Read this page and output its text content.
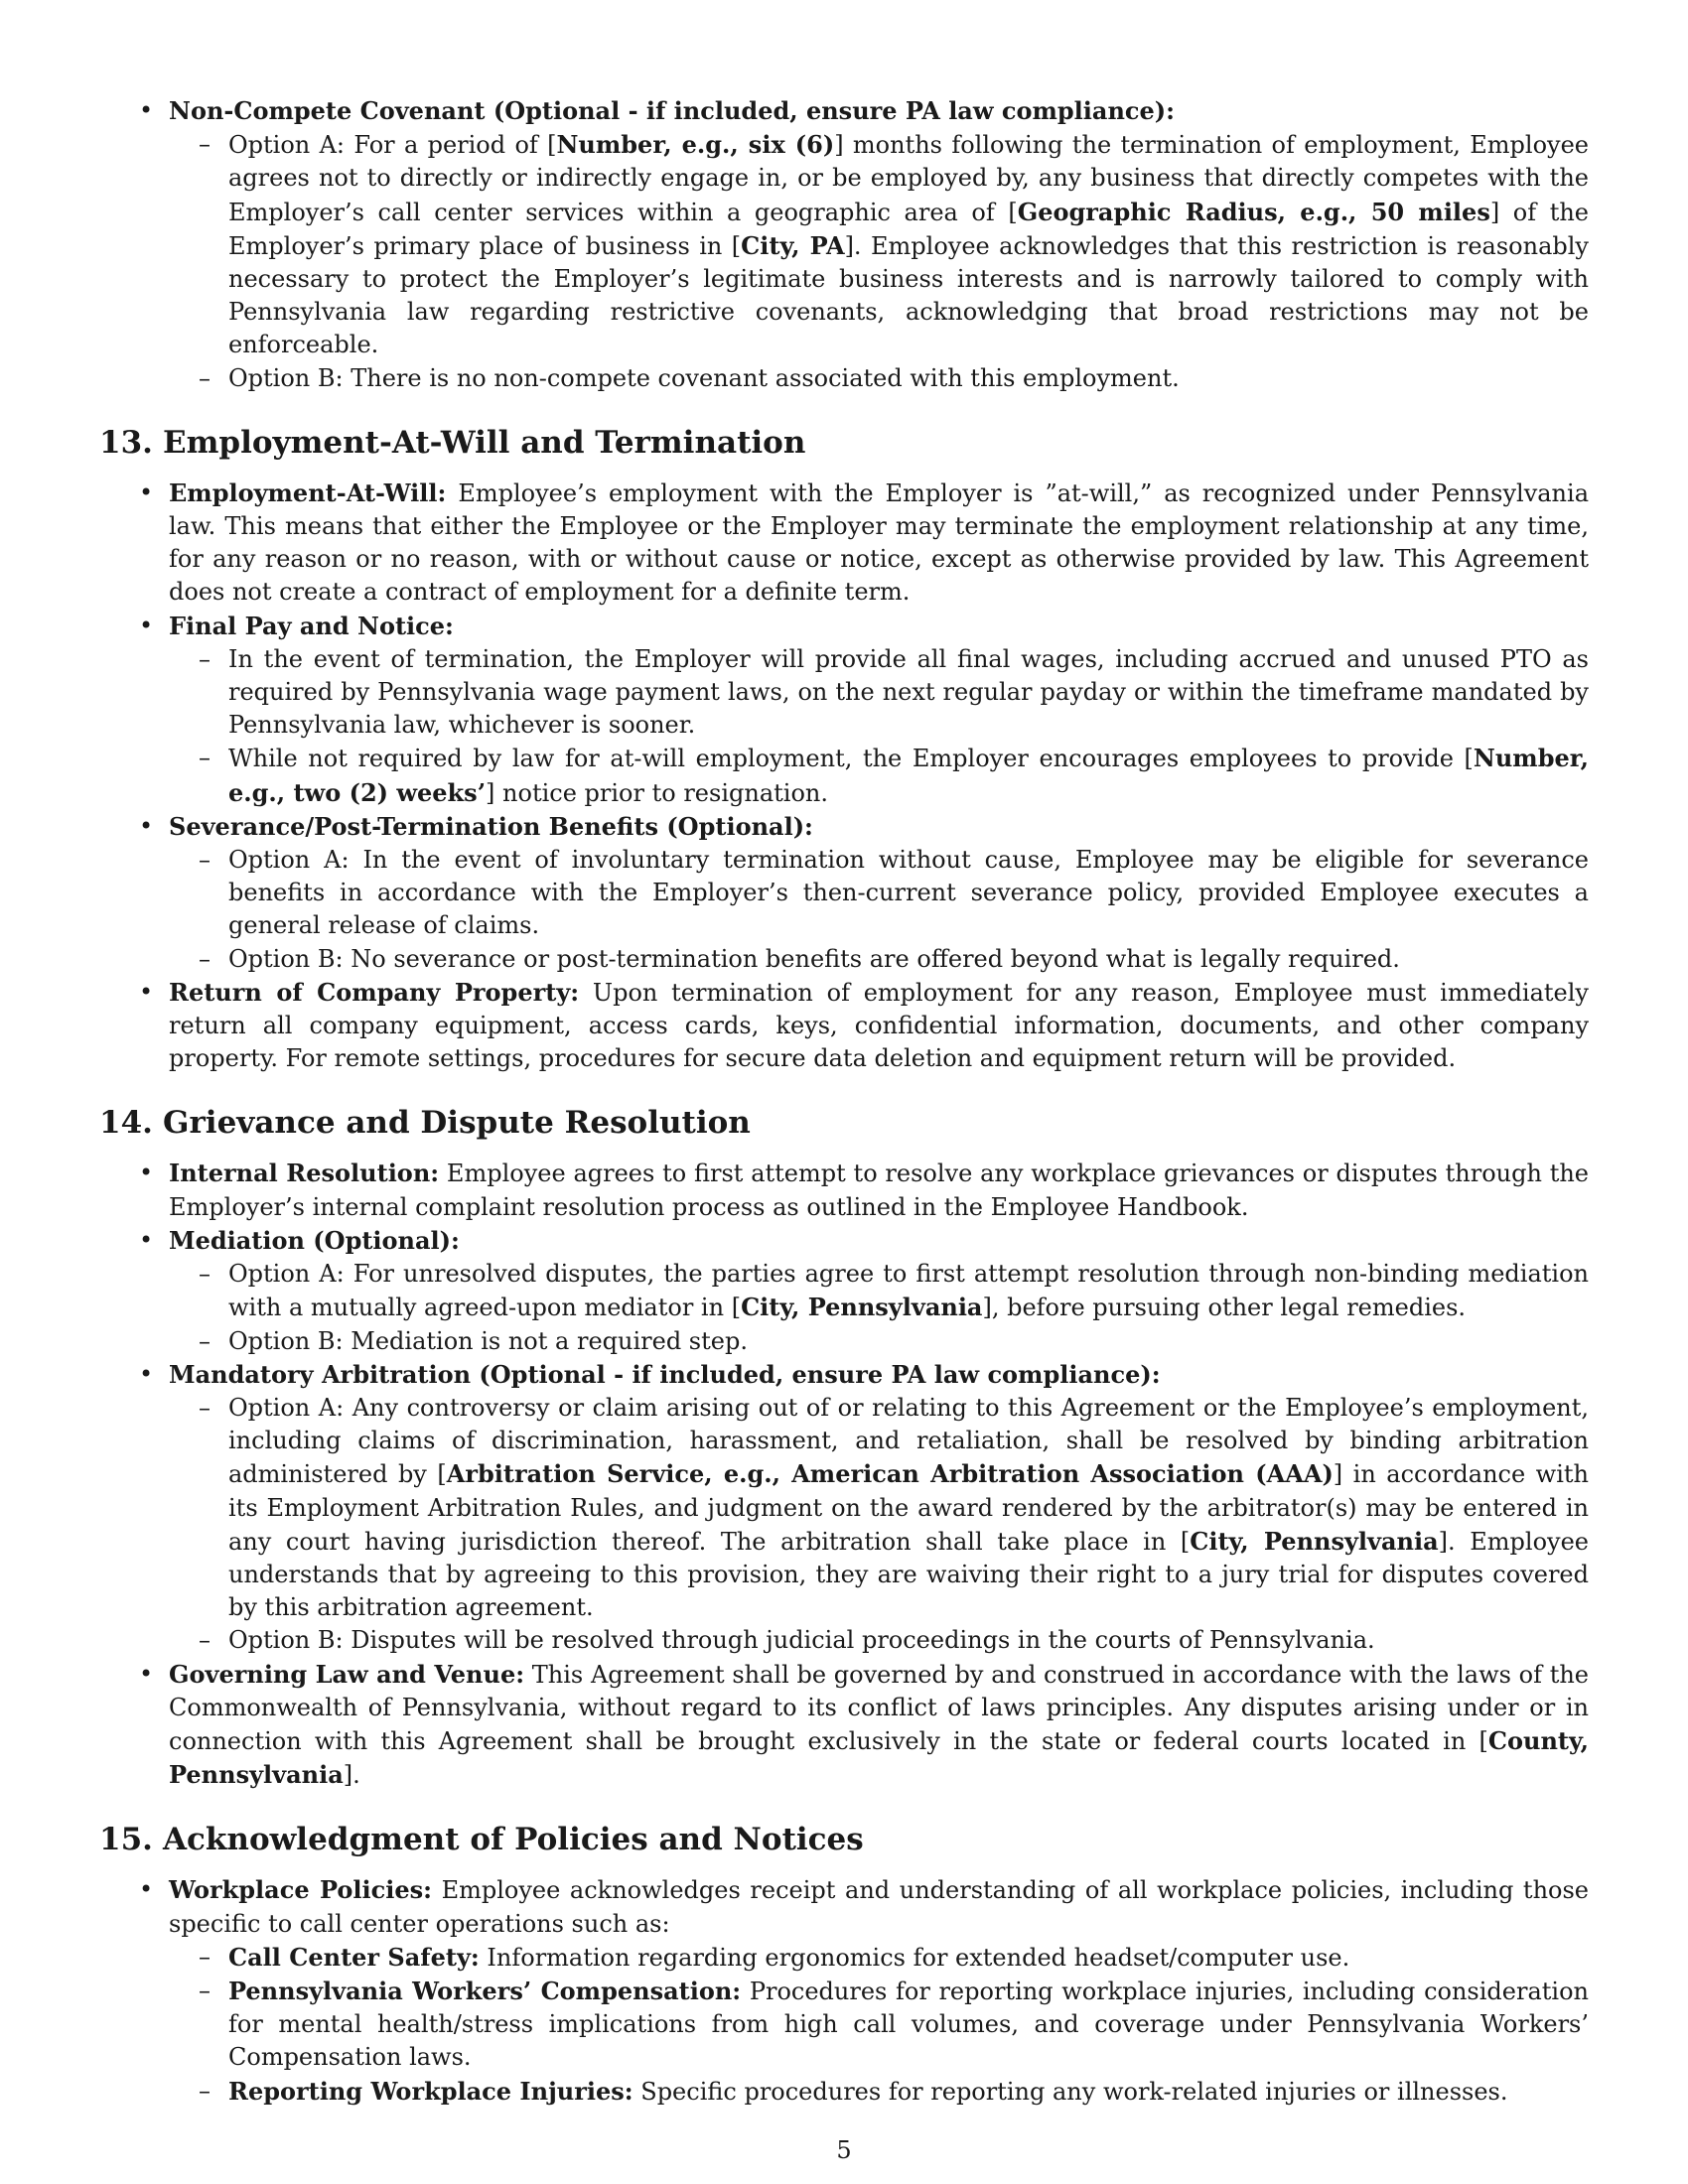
• Non-Compete Covenant (Optional - if included, ensure PA law compliance):
– Option A: For a period of [Number, e.g., six (6)] months following the termination of employment, Employee agrees not to directly or indirectly engage in, or be employed by, any business that directly competes with the Employer’s call center services within a geographic area of [Geographic Radius, e.g., 50 miles] of the Employer’s primary place of business in [City, PA]. Employee acknowledges that this restriction is reasonably necessary to protect the Employer’s legitimate business interests and is narrowly tailored to comply with Pennsylvania law regarding restrictive covenants, acknowledging that broad restrictions may not be enforceable.
– Option B: There is no non-compete covenant associated with this employment.
13. Employment-At-Will and Termination
• Employment-At-Will: Employee’s employment with the Employer is ”at-will,” as recognized under Pennsylvania law. This means that either the Employee or the Employer may terminate the employment relationship at any time, for any reason or no reason, with or without cause or notice, except as otherwise provided by law. This Agreement does not create a contract of employment for a definite term.
• Final Pay and Notice:
– In the event of termination, the Employer will provide all final wages, including accrued and unused PTO as required by Pennsylvania wage payment laws, on the next regular payday or within the timeframe mandated by Pennsylvania law, whichever is sooner.
– While not required by law for at-will employment, the Employer encourages employees to provide [Number, e.g., two (2) weeks’] notice prior to resignation.
• Severance/Post-Termination Benefits (Optional):
– Option A: In the event of involuntary termination without cause, Employee may be eligible for severance benefits in accordance with the Employer’s then-current severance policy, provided Employee executes a general release of claims.
– Option B: No severance or post-termination benefits are offered beyond what is legally required.
• Return of Company Property: Upon termination of employment for any reason, Employee must immediately return all company equipment, access cards, keys, confidential information, documents, and other company property. For remote settings, procedures for secure data deletion and equipment return will be provided.
14. Grievance and Dispute Resolution
• Internal Resolution: Employee agrees to first attempt to resolve any workplace grievances or disputes through the Employer’s internal complaint resolution process as outlined in the Employee Handbook.
• Mediation (Optional):
– Option A: For unresolved disputes, the parties agree to first attempt resolution through non-binding mediation with a mutually agreed-upon mediator in [City, Pennsylvania], before pursuing other legal remedies.
– Option B: Mediation is not a required step.
• Mandatory Arbitration (Optional - if included, ensure PA law compliance):
– Option A: Any controversy or claim arising out of or relating to this Agreement or the Employee’s employment, including claims of discrimination, harassment, and retaliation, shall be resolved by binding arbitration administered by [Arbitration Service, e.g., American Arbitration Association (AAA)] in accordance with its Employment Arbitration Rules, and judgment on the award rendered by the arbitrator(s) may be entered in any court having jurisdiction thereof. The arbitration shall take place in [City, Pennsylvania]. Employee understands that by agreeing to this provision, they are waiving their right to a jury trial for disputes covered by this arbitration agreement.
– Option B: Disputes will be resolved through judicial proceedings in the courts of Pennsylvania.
• Governing Law and Venue: This Agreement shall be governed by and construed in accordance with the laws of the Commonwealth of Pennsylvania, without regard to its conflict of laws principles. Any disputes arising under or in connection with this Agreement shall be brought exclusively in the state or federal courts located in [County, Pennsylvania].
15. Acknowledgment of Policies and Notices
• Workplace Policies: Employee acknowledges receipt and understanding of all workplace policies, including those specific to call center operations such as:
– Call Center Safety: Information regarding ergonomics for extended headset/computer use.
– Pennsylvania Workers’ Compensation: Procedures for reporting workplace injuries, including consideration for mental health/stress implications from high call volumes, and coverage under Pennsylvania Workers’ Compensation laws.
– Reporting Workplace Injuries: Specific procedures for reporting any work-related injuries or illnesses.
5
